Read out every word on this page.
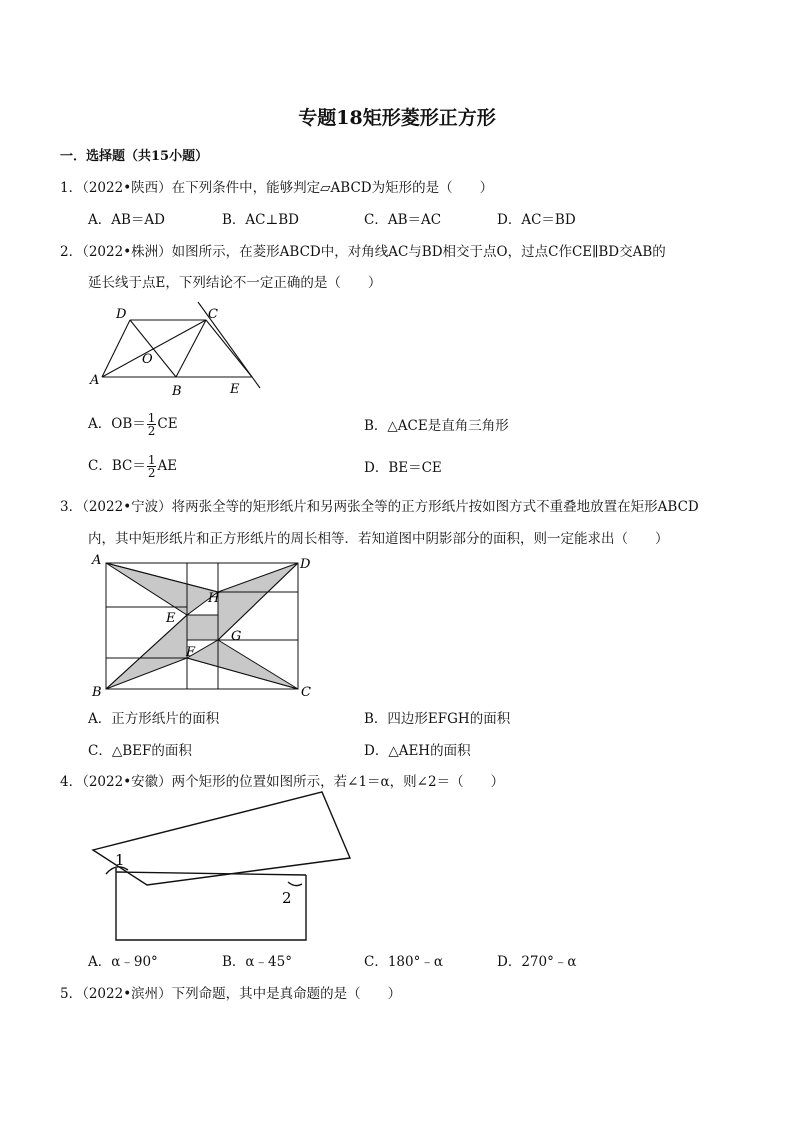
专题18矩形菱形正方形
一．选择题（共15小题）
1．（2022•陕西）在下列条件中，能够判定▱ABCD为矩形的是（　　）
A．AB＝AD	B．AC⊥BD	C．AB＝AC	D．AC＝BD
2．（2022•株洲）如图所示，在菱形ABCD中，对角线AC与BD相交于点O，过点C作CE∥BD交AB的
延长线于点E，下列结论不一定正确的是（　　）
A
B
C
D
O
E
A．$OB= \frac{1}{2}$ CE	B．△ACE是直角三角形
C．$BC= \frac{1}{2}$ AE	D．BE＝CE
3．（2022•宁波）将两张全等的矩形纸片和另两张全等的正方形纸片按如图方式不重叠地放置在矩形ABCD
内，其中矩形纸片和正方形纸片的周长相等．若知道图中阴影部分的面积，则一定能求出（　　）
A
B	C
D
E
F
G
H
A．正方形纸片的面积	B．四边形EFGH的面积
C．△BEF的面积	D．△AEH的面积
4．（2022•安徽）两个矩形的位置如图所示，若∠1＝α，则∠2＝（　　）
1
2
A．α﹣90°	B．α﹣45°	C．180°﹣α	D．270°﹣α
5．（2022•滨州）下列命题，其中是真命题的是（　　）
